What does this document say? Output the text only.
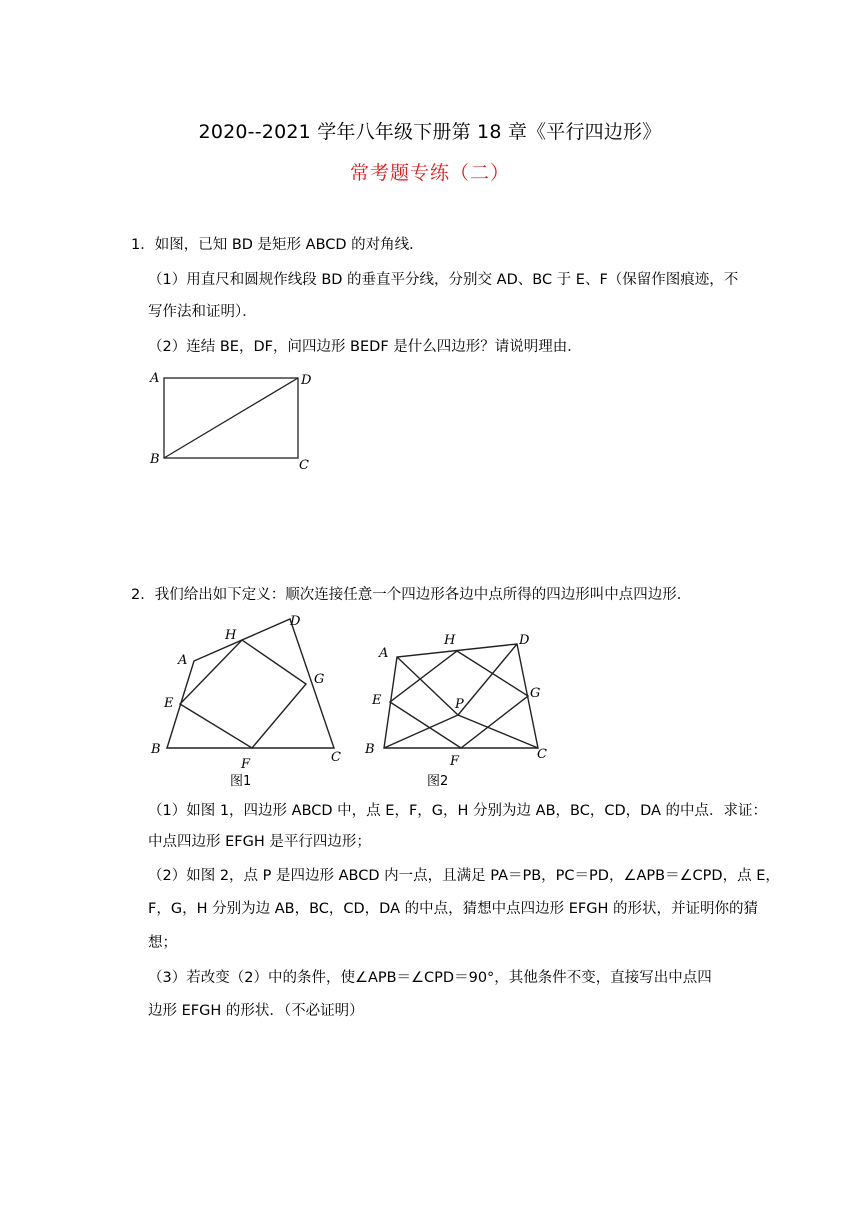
2020--2021 学年八年级下册第 18 章《平行四边形》
常考题专练（二）
1．如图，已知 BD 是矩形 ABCD 的对角线．
（1）用直尺和圆规作线段 BD 的垂直平分线，分别交 AD、BC 于 E、F（保留作图痕迹，不
写作法和证明）．
（2）连结 BE，DF，问四边形 BEDF 是什么四边形？请说明理由．
A	D
B	C
2．我们给出如下定义：顺次连接任意一个四边形各边中点所得的四边形叫中点四边形．
H
D
A
G
E
B
F	C
图1
H	D
A
G
E	P
B
F	C
图2
（1）如图 1，四边形 ABCD 中，点 E，F，G，H 分别为边 AB，BC，CD，DA 的中点．求证：
中点四边形 EFGH 是平行四边形；
（2）如图 2，点 P 是四边形 ABCD 内一点，且满足 PA＝PB，PC＝PD，∠APB＝∠CPD，点 E，
F，G，H 分别为边 AB，BC，CD，DA 的中点，猜想中点四边形 EFGH 的形状，并证明你的猜
想；
（3）若改变（2）中的条件，使∠APB＝∠CPD＝90°，其他条件不变，直接写出中点四
边形 EFGH 的形状．（不必证明）
